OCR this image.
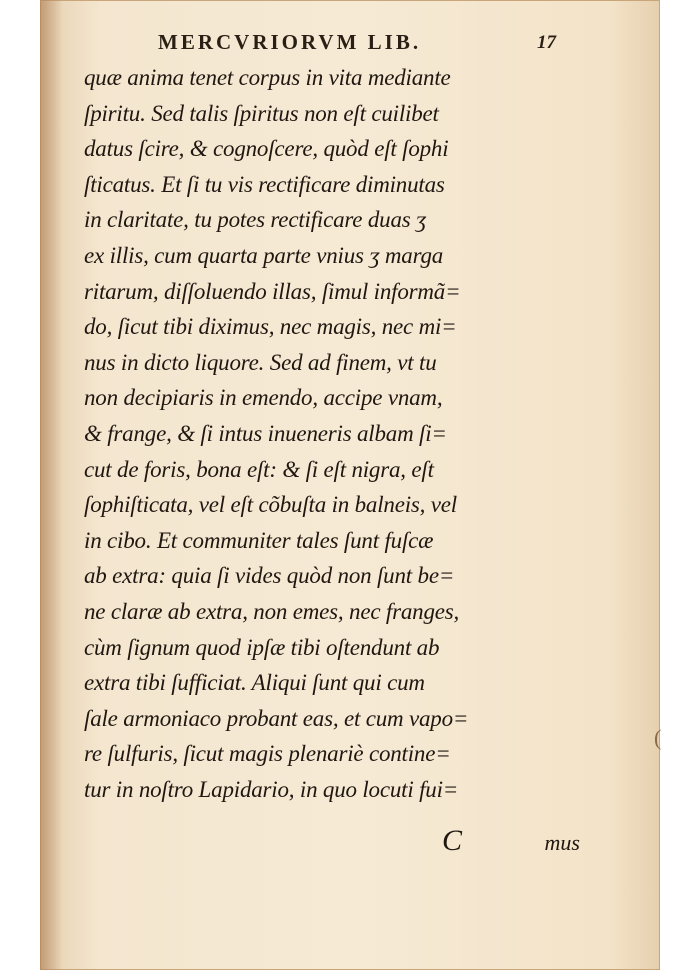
MERCVRIORVM LIB.	17
quæ anima tenet corpus in vita mediante
ſpiritu. Sed talis ſpiritus non eſt cuilibet
datus ſcire, & cognoſcere, quòd eſt ſophi
ſticatus. Et ſi tu vis rectificare diminutas
in claritate, tu potes rectificare duas ʒ
ex illis, cum quarta parte vnius ʒ marga
ritarum, diſſoluendo illas, ſimul informã=
do, ſicut tibi diximus, nec magis, nec mi=
nus in dicto liquore. Sed ad finem, vt tu
non decipiaris in emendo, accipe vnam,
& frange, & ſi intus inueneris albam ſi=
cut de foris, bona eſt: & ſi eſt nigra, eſt
ſophiſticata, vel eſt cõbuſta in balneis, vel
in cibo. Et communiter tales ſunt fuſcæ
ab extra: quia ſi vides quòd non ſunt be=
ne claræ ab extra, non emes, nec franges,
cùm ſignum quod ipſæ tibi oſtendunt ab
extra tibi ſufficiat. Aliqui ſunt qui cum
ſale armoniaco probant eas, et cum vapo=
re ſulfuris, ſicut magis plenariè contine=
tur in noſtro Lapidario, in quo locuti fui=
C	mus
(
